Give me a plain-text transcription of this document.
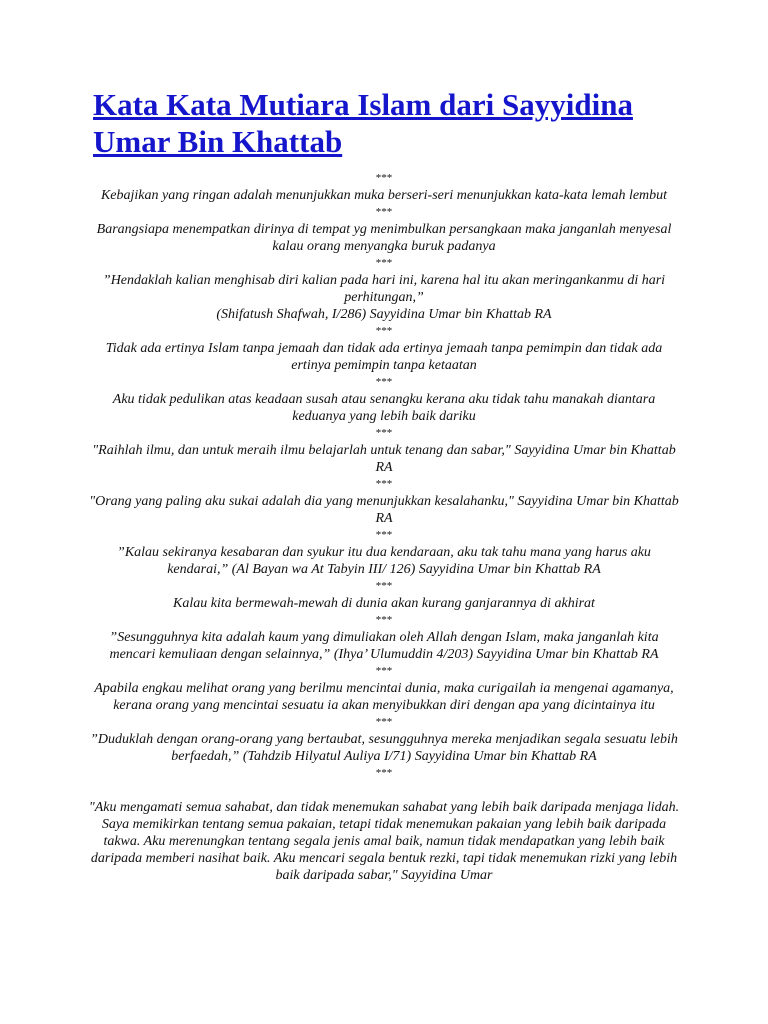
Kata Kata Mutiara Islam dari Sayyidina Umar Bin Khattab

***

Kebajikan yang ringan adalah menunjukkan muka berseri-seri menunjukkan kata-kata lemah lembut

***

Barangsiapa menempatkan dirinya di tempat yg menimbulkan persangkaan maka janganlah menyesal kalau orang menyangka buruk padanya

***

”Hendaklah kalian menghisab diri kalian pada hari ini, karena hal itu akan meringankanmu di hari perhitungan,”

(Shifatush Shafwah, I/286) Sayyidina Umar bin Khattab RA

***

Tidak ada ertinya Islam tanpa jemaah dan tidak ada ertinya jemaah tanpa pemimpin dan tidak ada ertinya pemimpin tanpa ketaatan

***

Aku tidak pedulikan atas keadaan susah atau senangku kerana aku tidak tahu manakah diantara keduanya yang lebih baik dariku

***

"Raihlah ilmu, dan untuk meraih ilmu belajarlah untuk tenang dan sabar," Sayyidina Umar bin Khattab RA

***

"Orang yang paling aku sukai adalah dia yang menunjukkan kesalahanku," Sayyidina Umar bin Khattab RA

***

”Kalau sekiranya kesabaran dan syukur itu dua kendaraan, aku tak tahu mana yang harus aku kendarai,” (Al Bayan wa At Tabyin III/ 126) Sayyidina Umar bin Khattab RA

***

Kalau kita bermewah-mewah di dunia akan kurang ganjarannya di akhirat

***

”Sesungguhnya kita adalah kaum yang dimuliakan oleh Allah dengan Islam, maka janganlah kita mencari kemuliaan dengan selainnya,” (Ihya’ Ulumuddin 4/203) Sayyidina Umar bin Khattab RA

***

Apabila engkau melihat orang yang berilmu mencintai dunia, maka curigailah ia mengenai agamanya, kerana orang yang mencintai sesuatu ia akan menyibukkan diri dengan apa yang dicintainya itu

***

”Duduklah dengan orang-orang yang bertaubat, sesungguhnya mereka menjadikan segala sesuatu lebih berfaedah,” (Tahdzib Hilyatul Auliya I/71) Sayyidina Umar bin Khattab RA

***

"Aku mengamati semua sahabat, dan tidak menemukan sahabat yang lebih baik daripada menjaga lidah. Saya memikirkan tentang semua pakaian, tetapi tidak menemukan pakaian yang lebih baik daripada takwa. Aku merenungkan tentang segala jenis amal baik, namun tidak mendapatkan yang lebih baik daripada memberi nasihat baik. Aku mencari segala bentuk rezki, tapi tidak menemukan rizki yang lebih baik daripada sabar," Sayyidina Umar
